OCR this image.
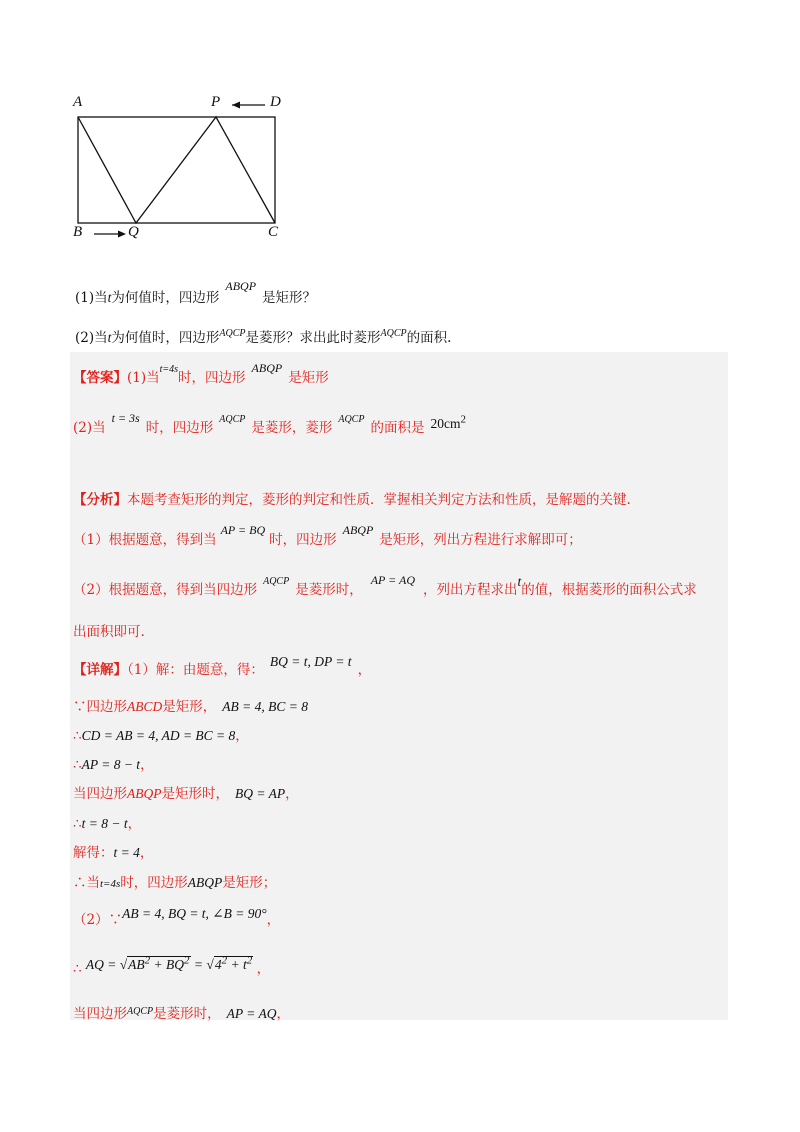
A	P	D
B	Q	C
(1)当t为何值时，四边形ABQP是矩形？
(2)当t为何值时，四边形$^{AQCP}$是菱形？求出此时菱形$^{AQCP}$的面积.
【答案】(1)当$^{t=4s}$时，四边形ABQP是矩形
(2)当t = 3s时，四边形$^{AQCP}$是菱形，菱形$^{AQCP}$的面积是 $20cm^2$
【分析】本题考查矩形的判定，菱形的判定和性质．掌握相关判定方法和性质，是解题的关键.
（1）根据题意，得到当AP = BQ时，四边形ABQP是矩形，列出方程进行求解即可；
（2）根据题意，得到当四边形$^{AQCP}$是菱形时，AP = AQ，列出方程求出t的值，根据菱形的面积公式求
出面积即可.
【详解】（1）解：由题意，得：BQ = t, DP = t，
∵四边形ABCD是矩形， AB = 4, BC = 8
∴CD = AB = 4, AD = BC = 8，
∴AP = 8 − t，
当四边形ABQP是矩形时， BQ = AP，
∴t = 8 − t，
解得：t = 4，
∴当t=4s时，四边形ABQP是矩形；
（2）∵AB = 4, BQ = t, ∠B = 90°，
∴ AQ = $√AB^2 + BQ^2 = √4^2 + t^2$ ，
当四边形$^{AQCP}$是菱形时， AP = AQ，
